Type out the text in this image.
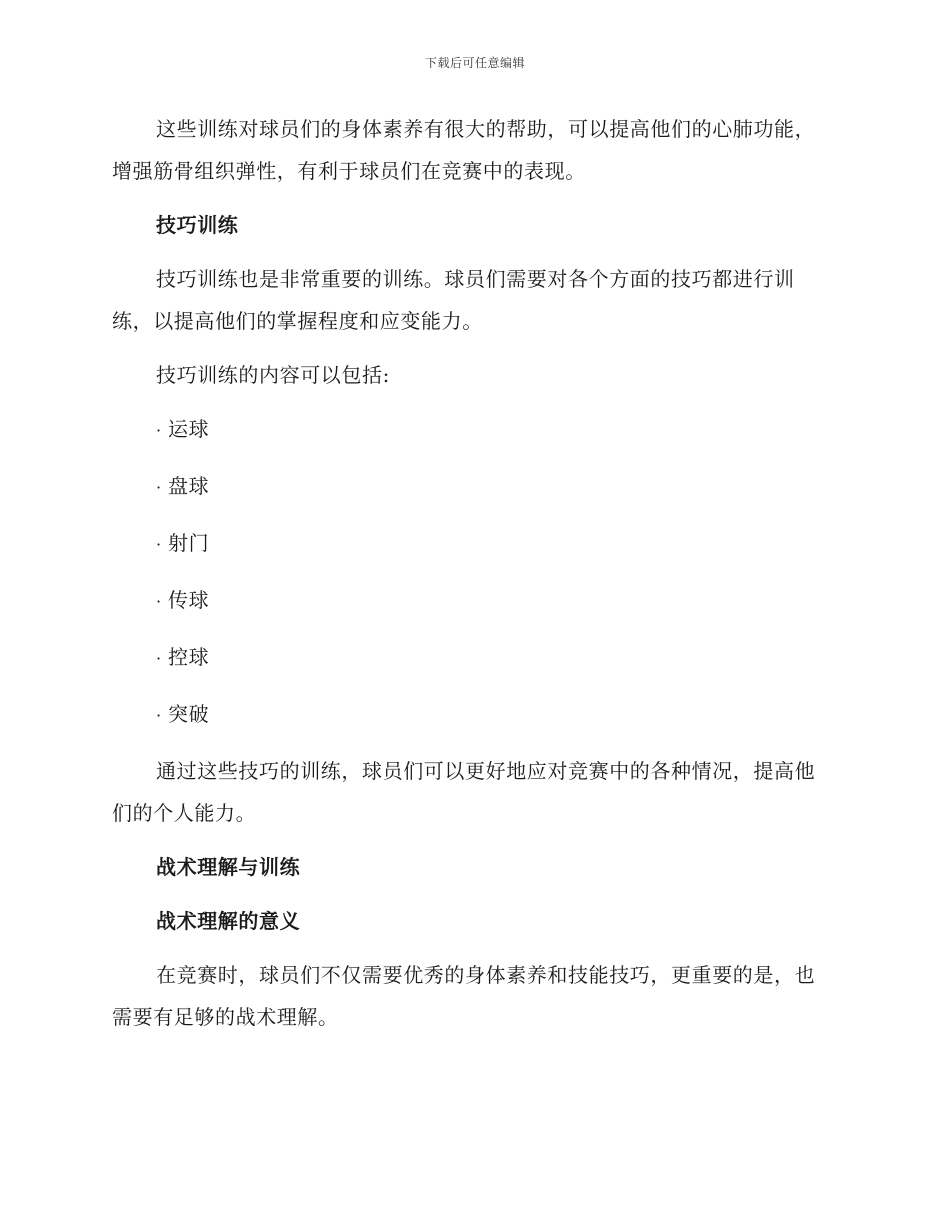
下载后可任意编辑

这些训练对球员们的身体素养有很大的帮助，可以提高他们的心肺功能，增强筋骨组织弹性，有利于球员们在竞赛中的表现。

技巧训练

技巧训练也是非常重要的训练。球员们需要对各个方面的技巧都进行训练，以提高他们的掌握程度和应变能力。

技巧训练的内容可以包括:

· 运球
· 盘球
· 射门
· 传球
· 控球
· 突破

通过这些技巧的训练，球员们可以更好地应对竞赛中的各种情况，提高他们的个人能力。

战术理解与训练
战术理解的意义

在竞赛时，球员们不仅需要优秀的身体素养和技能技巧，更重要的是，也需要有足够的战术理解。
